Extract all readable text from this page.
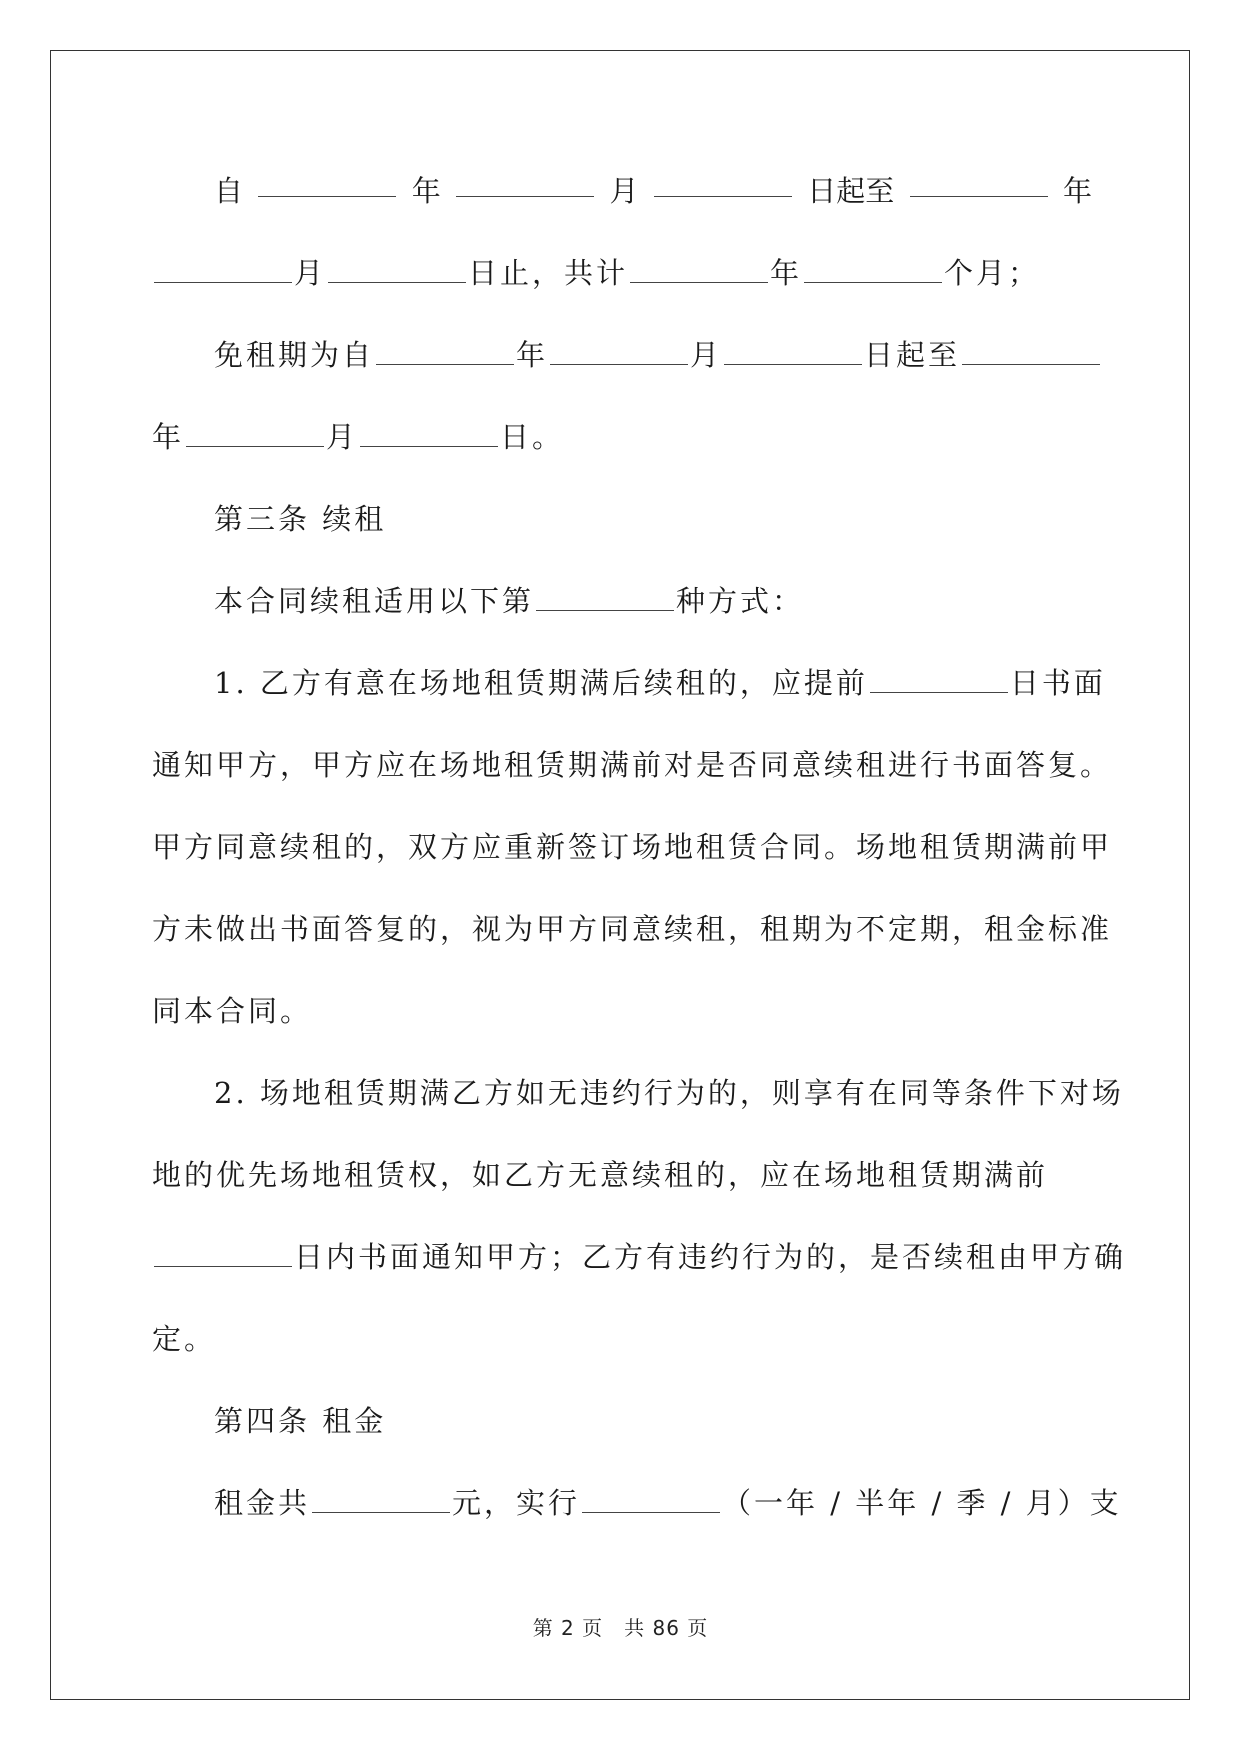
自	年	月	日起至	年
月	日止，共计	年	个月；
免租期为自	年	月	日起至
年	月	日。
第三条 续租
本合同续租适用以下第	种方式：
1. 乙方有意在场地租赁期满后续租的，应提前	日书面
通知甲方，甲方应在场地租赁期满前对是否同意续租进行书面答复。
甲方同意续租的，双方应重新签订场地租赁合同。场地租赁期满前甲
方未做出书面答复的，视为甲方同意续租，租期为不定期，租金标准
同本合同。
2. 场地租赁期满乙方如无违约行为的，则享有在同等条件下对场
地的优先场地租赁权，如乙方无意续租的，应在场地租赁期满前
日内书面通知甲方；乙方有违约行为的，是否续租由甲方确
定。
第四条 租金
租金共	元，实行	（一年 / 半年 / 季 / 月）支
第 2 页　共 86 页
